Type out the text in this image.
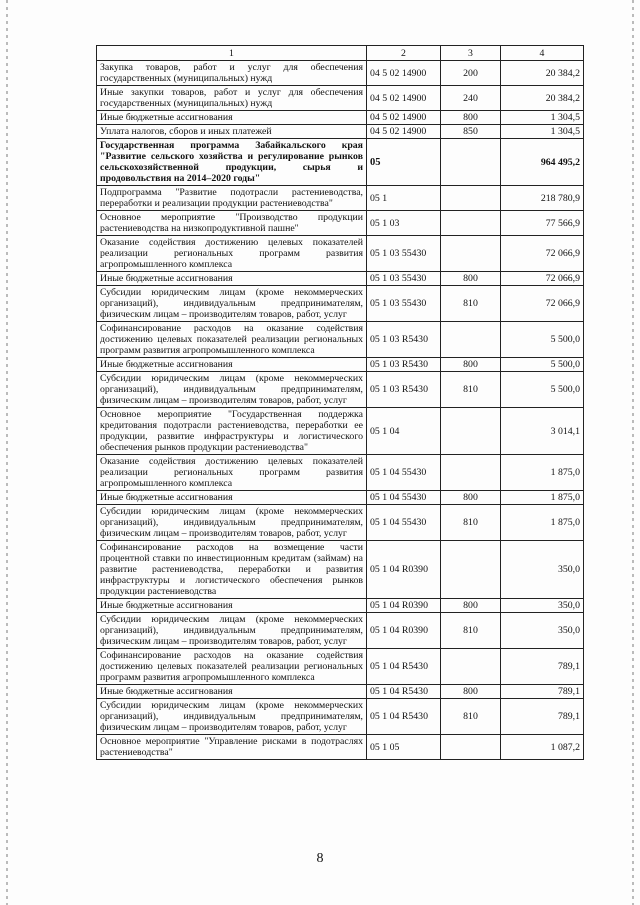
1	2	3	4
Закупка товаров, работ и услуг для обеспечения государственных (муниципальных) нужд	04 5 02 14900	200	20 384,2
Иные закупки товаров, работ и услуг для обеспечения государственных (муниципальных) нужд	04 5 02 14900	240	20 384,2
Иные бюджетные ассигнования	04 5 02 14900	800	1 304,5
Уплата налогов, сборов и иных платежей	04 5 02 14900	850	1 304,5
Государственная программа Забайкальского края "Развитие сельского хозяйства и регулирование рынков сельскохозяйственной продукции, сырья и продовольствия на 2014–2020 годы"	05		964 495,2
Подпрограмма "Развитие подотрасли растениеводства, переработки и реализации продукции растениеводства"	05 1		218 780,9
Основное мероприятие "Производство продукции растениеводства на низкопродуктивной пашне"	05 1 03		77 566,9
Оказание содействия достижению целевых показателей реализации региональных программ развития агропромышленного комплекса	05 1 03 55430		72 066,9
Иные бюджетные ассигнования	05 1 03 55430	800	72 066,9
Субсидии юридическим лицам (кроме некоммерческих организаций), индивидуальным предпринимателям, физическим лицам – производителям товаров, работ, услуг	05 1 03 55430	810	72 066,9
Софинансирование расходов на оказание содействия достижению целевых показателей реализации региональных программ развития агропромышленного комплекса	05 1 03 R5430		5 500,0
Иные бюджетные ассигнования	05 1 03 R5430	800	5 500,0
Субсидии юридическим лицам (кроме некоммерческих организаций), индивидуальным предпринимателям, физическим лицам – производителям товаров, работ, услуг	05 1 03 R5430	810	5 500,0
Основное мероприятие "Государственная поддержка кредитования подотрасли растениеводства, переработки ее продукции, развитие инфраструктуры и логистического обеспечения рынков продукции растениеводства"	05 1 04		3 014,1
Оказание содействия достижению целевых показателей реализации региональных программ развития агропромышленного комплекса	05 1 04 55430		1 875,0
Иные бюджетные ассигнования	05 1 04 55430	800	1 875,0
Субсидии юридическим лицам (кроме некоммерческих организаций), индивидуальным предпринимателям, физическим лицам – производителям товаров, работ, услуг	05 1 04 55430	810	1 875,0
Софинансирование расходов на возмещение части процентной ставки по инвестиционным кредитам (займам) на развитие растениеводства, переработки и развития инфраструктуры и логистического обеспечения рынков продукции растениеводства	05 1 04 R0390		350,0
Иные бюджетные ассигнования	05 1 04 R0390	800	350,0
Субсидии юридическим лицам (кроме некоммерческих организаций), индивидуальным предпринимателям, физическим лицам – производителям товаров, работ, услуг	05 1 04 R0390	810	350,0
Софинансирование расходов на оказание содействия достижению целевых показателей реализации региональных программ развития агропромышленного комплекса	05 1 04 R5430		789,1
Иные бюджетные ассигнования	05 1 04 R5430	800	789,1
Субсидии юридическим лицам (кроме некоммерческих организаций), индивидуальным предпринимателям, физическим лицам – производителям товаров, работ, услуг	05 1 04 R5430	810	789,1
Основное мероприятие "Управление рисками в подотраслях растениеводства"	05 1 05		1 087,2
8
